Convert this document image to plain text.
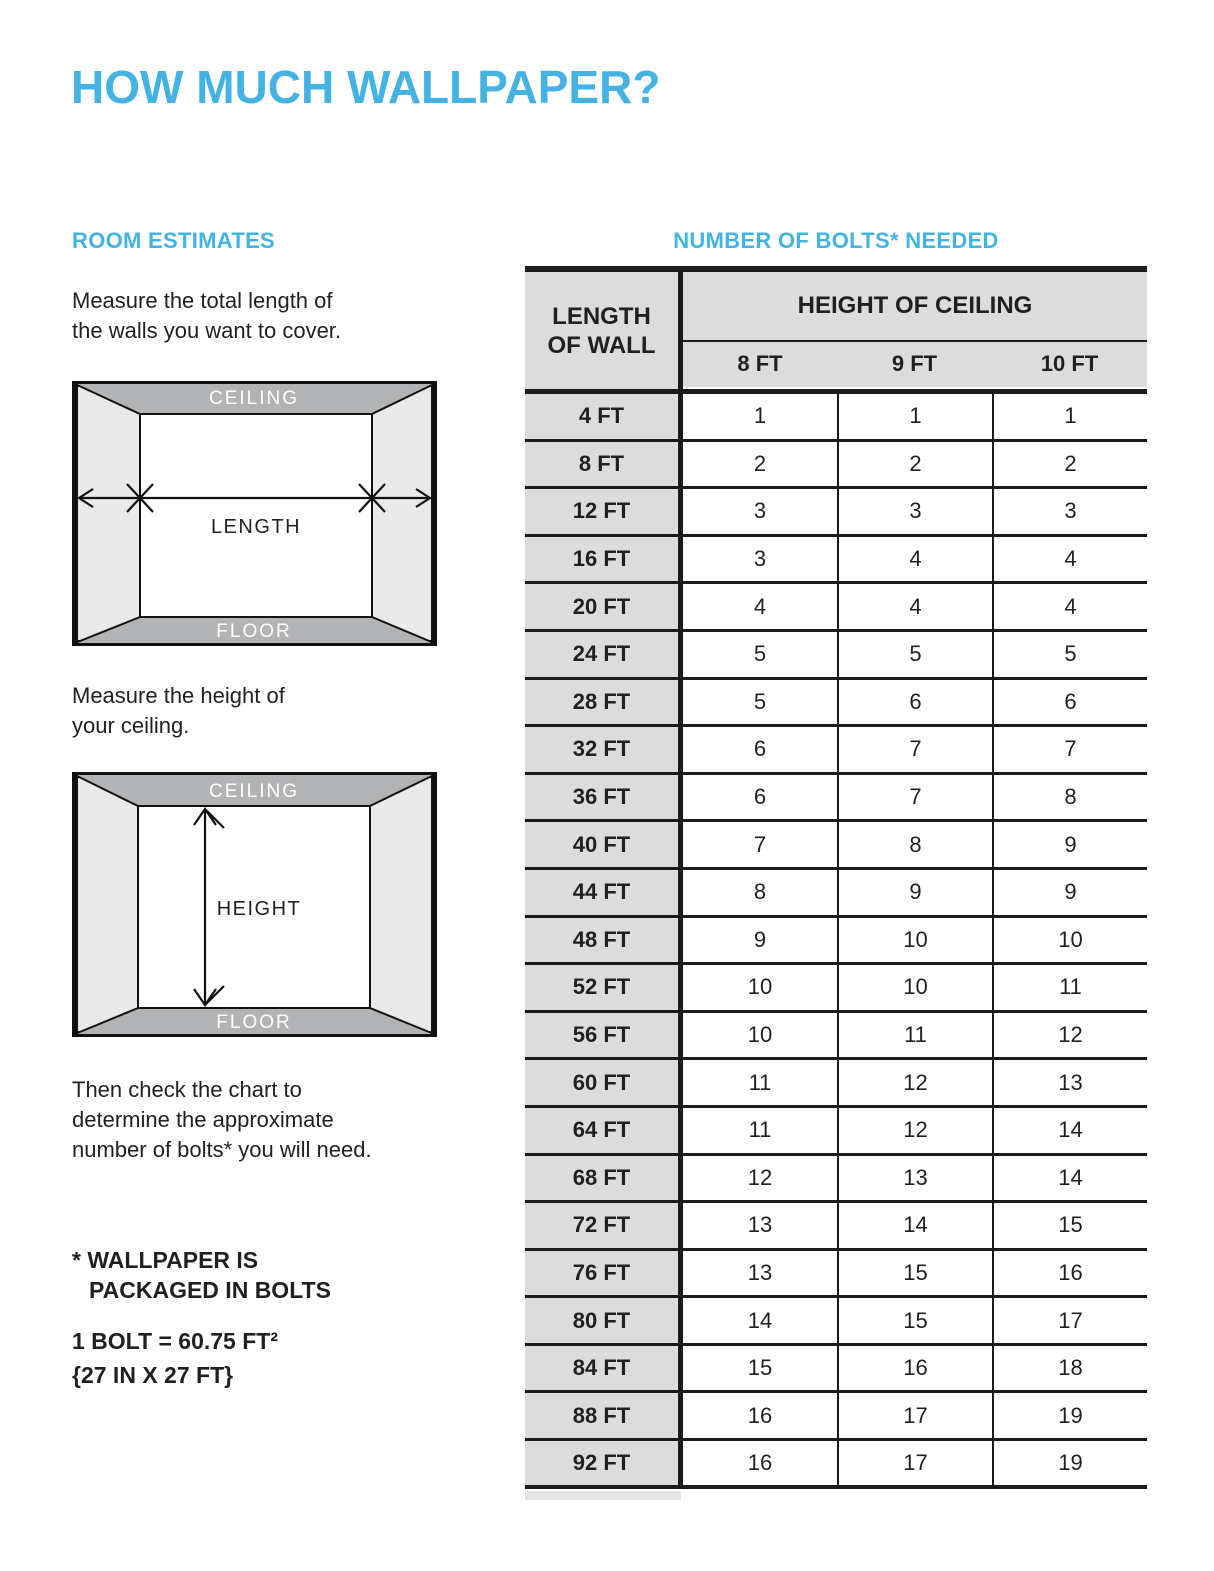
HOW MUCH WALLPAPER?
ROOM ESTIMATES

Measure the total length of
the walls you want to cover.

CEILING
FLOOR
LENGTH

Measure the height of
your ceiling.

CEILING
FLOOR
HEIGHT

Then check the chart to
determine the approximate
number of bolts* you will need.

* WALLPAPER IS
PACKAGED IN BOLTS
1 BOLT = 60.75 FT²
{27 IN X 27 FT}
NUMBER OF BOLTS* NEEDED
LENGTH
OF WALL
HEIGHT OF CEILING
8 FT	9 FT	10 FT
4 FT	1	1	1
8 FT	2	2	2
12 FT	3	3	3
16 FT	3	4	4
20 FT	4	4	4
24 FT	5	5	5
28 FT	5	6	6
32 FT	6	7	7
36 FT	6	7	8
40 FT	7	8	9
44 FT	8	9	9
48 FT	9	10	10
52 FT	10	10	11
56 FT	10	11	12
60 FT	11	12	13
64 FT	11	12	14
68 FT	12	13	14
72 FT	13	14	15
76 FT	13	15	16
80 FT	14	15	17
84 FT	15	16	18
88 FT	16	17	19
92 FT	16	17	19
